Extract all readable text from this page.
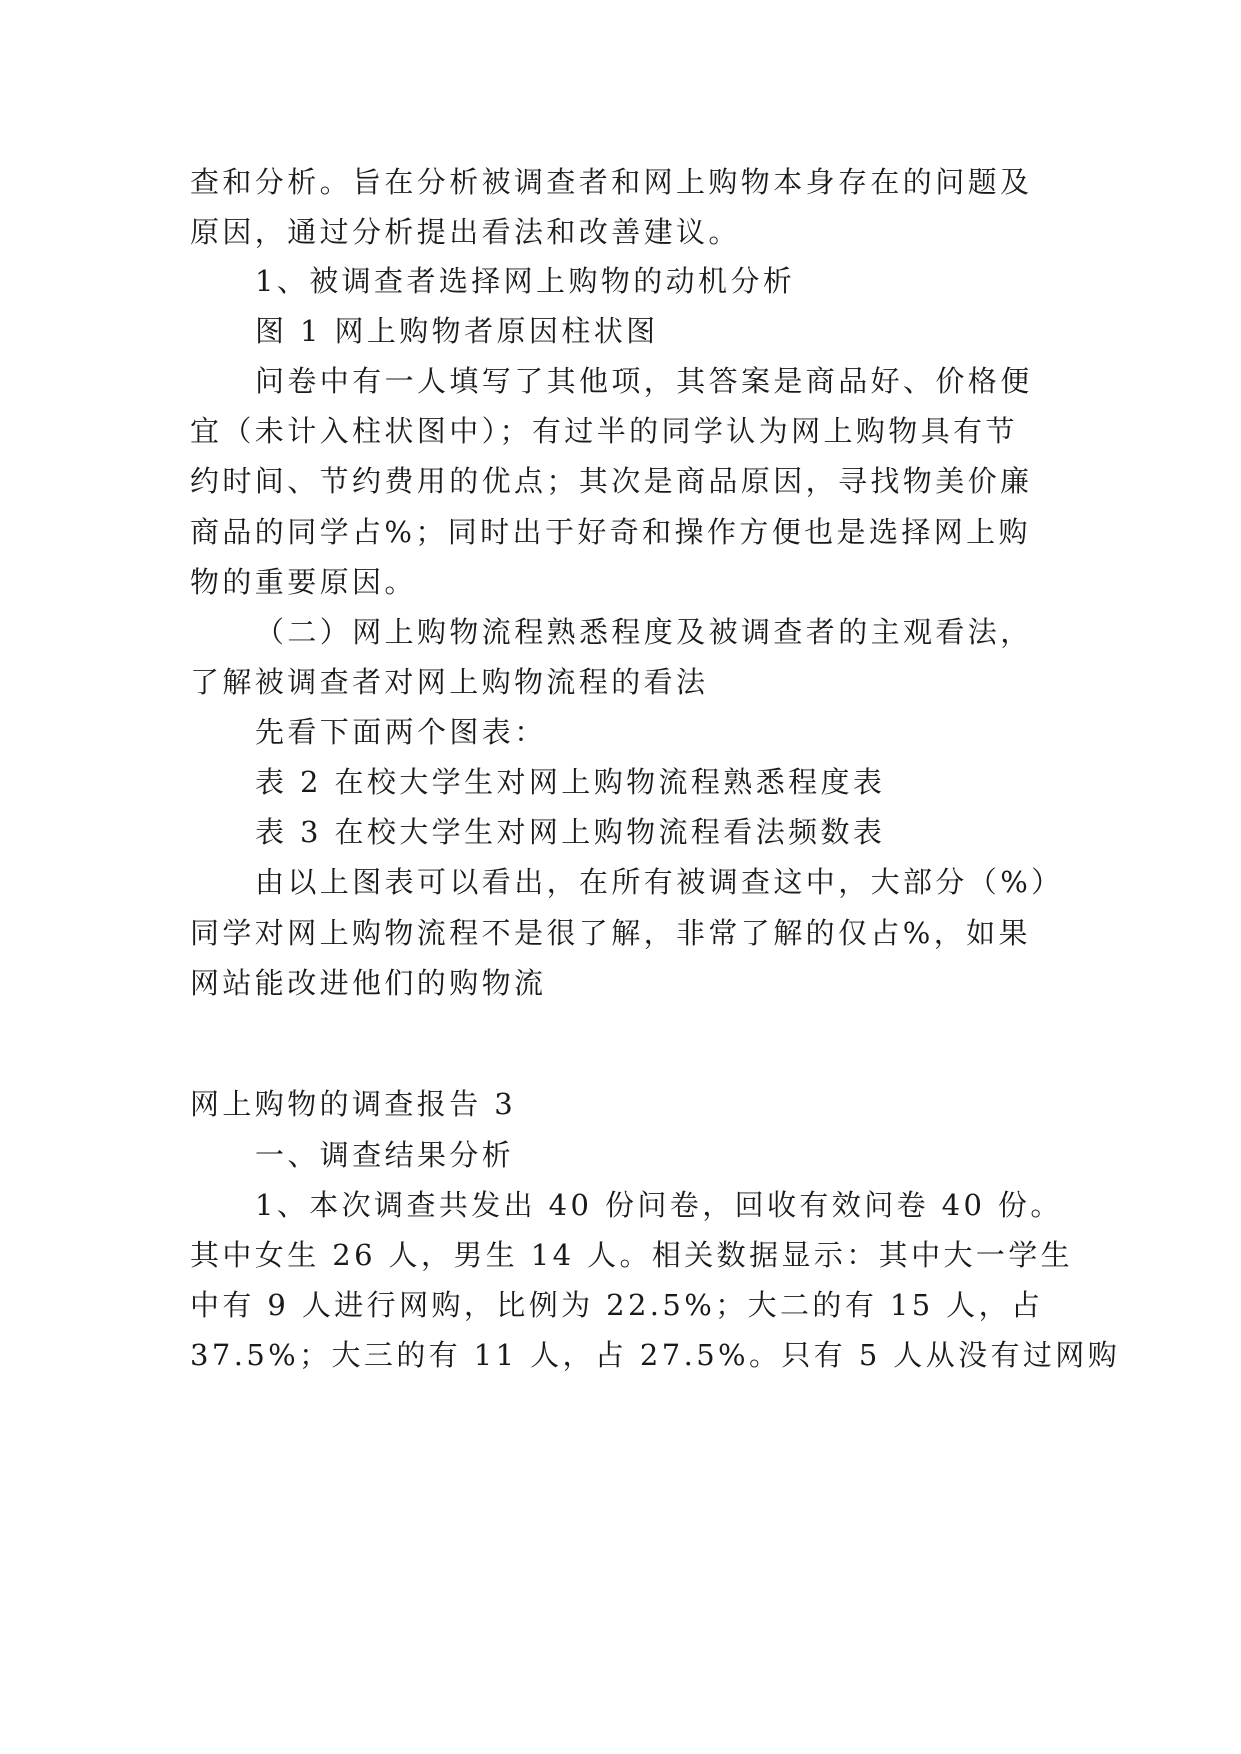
查和分析。旨在分析被调查者和网上购物本身存在的问题及
原因，通过分析提出看法和改善建议。
1、被调查者选择网上购物的动机分析
图 1 网上购物者原因柱状图
问卷中有一人填写了其他项，其答案是商品好、价格便
宜（未计入柱状图中）；有过半的同学认为网上购物具有节
约时间、节约费用的优点；其次是商品原因，寻找物美价廉
商品的同学占%；同时出于好奇和操作方便也是选择网上购
物的重要原因。
（二）网上购物流程熟悉程度及被调查者的主观看法，
了解被调查者对网上购物流程的看法
先看下面两个图表：
表 2 在校大学生对网上购物流程熟悉程度表
表 3 在校大学生对网上购物流程看法频数表
由以上图表可以看出，在所有被调查这中，大部分（%）
同学对网上购物流程不是很了解，非常了解的仅占%，如果
网站能改进他们的购物流
网上购物的调查报告 3
一、调查结果分析
1、本次调查共发出 40 份问卷，回收有效问卷 40 份。
其中女生 26 人，男生 14 人。相关数据显示：其中大一学生
中有 9 人进行网购，比例为 22.5%；大二的有 15 人，占
37.5%；大三的有 11 人，占 27.5%。只有 5 人从没有过网购
